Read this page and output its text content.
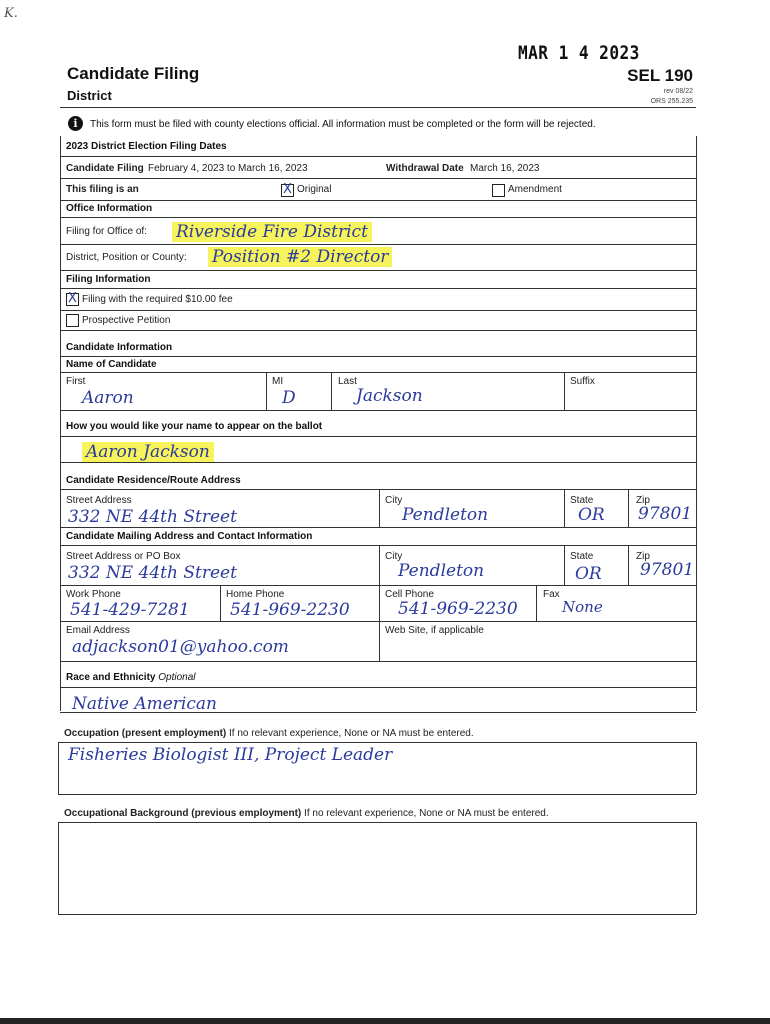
K.
MAR 1 4 2023
Candidate Filing
District
SEL 190
rev 08/22
ORS 255.235
i	This form must be filed with county elections official. All information must be completed or the form will be rejected.
2023 District Election Filing Dates
Candidate Filing February 4, 2023 to March 16, 2023	Withdrawal Date March 16, 2023
This filing is an
X	Original	Amendment
Office Information
Filing for Office of: Riverside Fire District
District, Position or County: Position #2 Director
Filing Information
X
Filing with the required $10.00 fee
Prospective Petition
Candidate Information
Name of Candidate
First
Aaron
MI
D
Last
Jackson
Suffix
How you would like your name to appear on the ballot
Aaron Jackson
Candidate Residence/Route Address
Street Address
332 NE 44th Street
City
Pendleton
State
OR
Zip
97801
Candidate Mailing Address and Contact Information
Street Address or PO Box
332 NE 44th Street
City
Pendleton
State
OR
Zip
97801
Work Phone
541-429-7281
Home Phone
541-969-2230
Cell Phone
541-969-2230
Fax
None
Email Address
adjackson01@yahoo.com
Web Site, if applicable
Race and Ethnicity Optional
Native American
Occupation (present employment) If no relevant experience, None or NA must be entered.
Fisheries Biologist III, Project Leader
Occupational Background (previous employment) If no relevant experience, None or NA must be entered.
